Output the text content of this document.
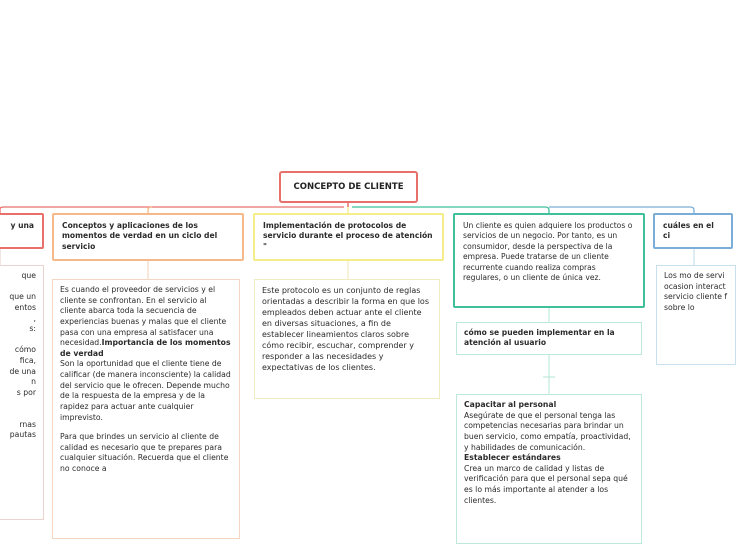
CONCEPTO DE CLIENTE
y una	Conceptos y aplicaciones de los momentos de verdad en un ciclo del servicio
Implementación de protocolos de servicio durante el proceso de atención "
Un cliente es quien adquiere los productos o servicios de un negocio. Por tanto, es un consumidor, desde la perspectiva de la empresa. Puede tratarse de un cliente recurrente cuando realiza compras regulares, o un cliente de única vez.
cuáles en el ci

que

que un

entos

,

s:

cómo

fica,

de una

n

s por

rnas

pautas

Es cuando el proveedor de servicios y el cliente se confrontan. En el servicio al cliente abarca toda la secuencia de experiencias buenas y malas que el cliente pasa con una empresa al satisfacer una necesidad.Importancia de los momentos de verdad

Son la oportunidad que el cliente tiene de calificar (de manera inconsciente) la calidad del servicio que le ofrecen. Depende mucho de la respuesta de la empresa y de la rapidez para actuar ante cualquier imprevisto.

Para que brindes un servicio al cliente de calidad es necesario que te prepares para cualquier situación. Recuerda que el cliente no conoce a

Este protocolo es un conjunto de reglas orientadas a describir la forma en que los empleados deben actuar ante el cliente en diversas situaciones, a fin de establecer lineamientos claros sobre cómo recibir, escuchar, comprender y responder a las necesidades y expectativas de los clientes.
cómo se pueden implementar en la atención al usuario

Capacitar al personal

Asegúrate de que el personal tenga las competencias necesarias para brindar un buen servicio, como empatía, proactividad, y habilidades de comunicación.

Establecer estándares

Crea un marco de calidad y listas de verificación para que el personal sepa qué es lo más importante al atender a los clientes.

Los mo de servi ocasion interact servicio cliente f sobre lo
